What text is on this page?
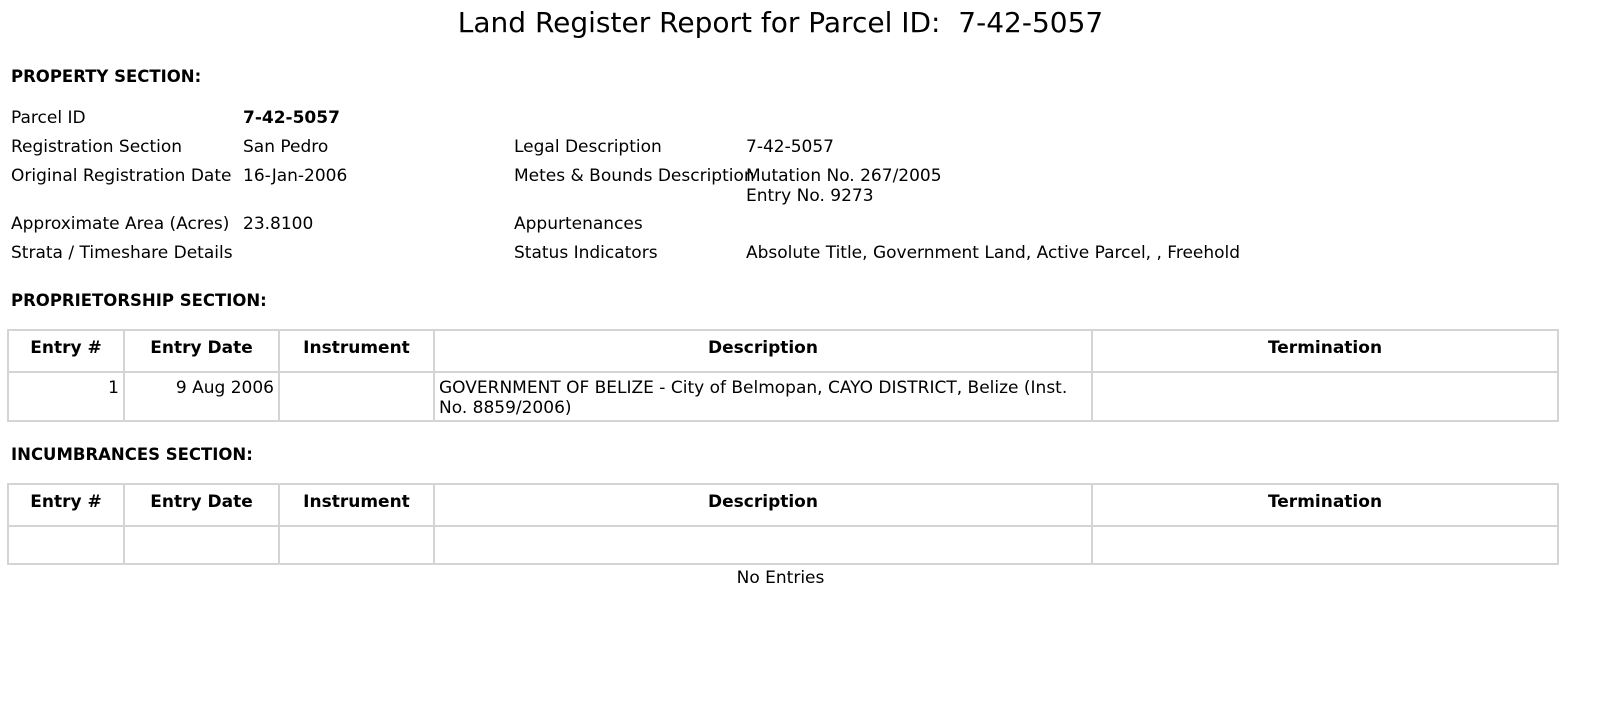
Land Register Report for Parcel ID:  7-42-5057
PROPERTY SECTION:
Parcel ID	7-42-5057
Registration Section	San Pedro
Original Registration Date 16-Jan-2006
Approximate Area (Acres) 23.8100
Strata / Timeshare Details
Legal Description	7-42-5057
Metes & Bounds Description
Mutation No. 267/2005
Entry No. 9273
Appurtenances
Status Indicators	Absolute Title, Government Land, Active Parcel, , Freehold
PROPRIETORSHIP SECTION:
Entry #	Entry Date	Instrument	Description	Termination
1	9 Aug 2006		GOVERNMENT OF BELIZE - City of Belmopan, CAYO DISTRICT, Belize (Inst. No. 8859/2006)	
INCUMBRANCES SECTION:
Entry #	Entry Date	Instrument	Description	Termination

No Entries
